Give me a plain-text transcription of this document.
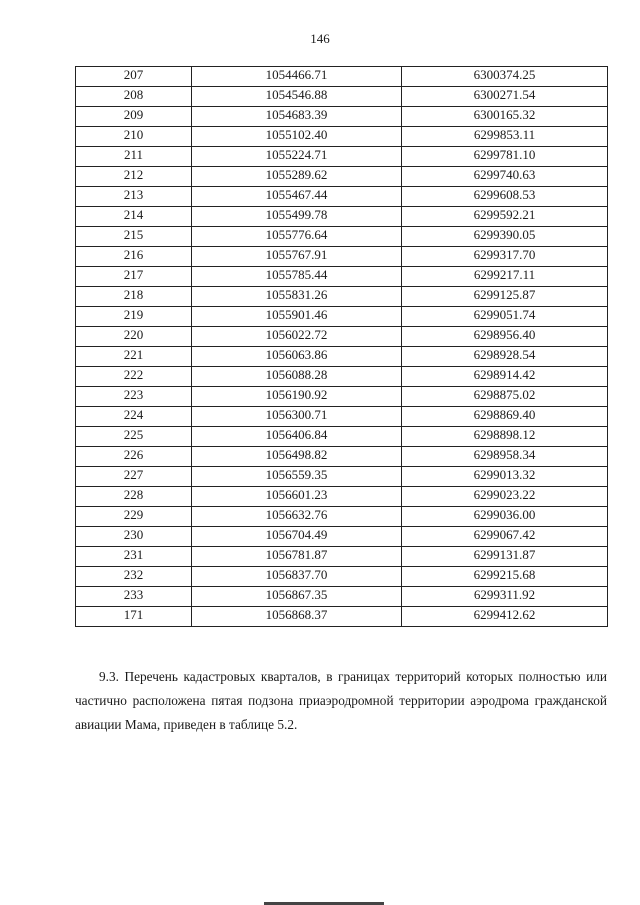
146
207	1054466.71	6300374.25
208	1054546.88	6300271.54
209	1054683.39	6300165.32
210	1055102.40	6299853.11
211	1055224.71	6299781.10
212	1055289.62	6299740.63
213	1055467.44	6299608.53
214	1055499.78	6299592.21
215	1055776.64	6299390.05
216	1055767.91	6299317.70
217	1055785.44	6299217.11
218	1055831.26	6299125.87
219	1055901.46	6299051.74
220	1056022.72	6298956.40
221	1056063.86	6298928.54
222	1056088.28	6298914.42
223	1056190.92	6298875.02
224	1056300.71	6298869.40
225	1056406.84	6298898.12
226	1056498.82	6298958.34
227	1056559.35	6299013.32
228	1056601.23	6299023.22
229	1056632.76	6299036.00
230	1056704.49	6299067.42
231	1056781.87	6299131.87
232	1056837.70	6299215.68
233	1056867.35	6299311.92
171	1056868.37	6299412.62

9.3. Перечень кадастровых кварталов, в границах территорий которых полностью или частично расположена пятая подзона приаэродромной территории аэродрома гражданской авиации Мама, приведен в таблице 5.2.
